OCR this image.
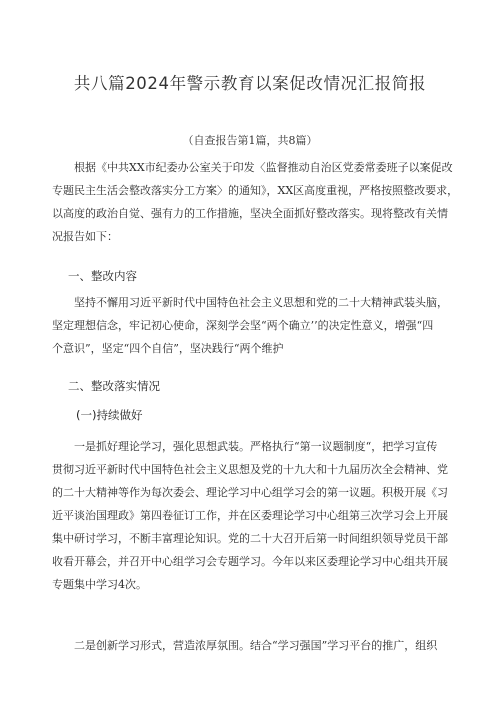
共八篇2024年警示教育以案促改情况汇报简报
（自查报告第1篇，共8篇）
根据《中共XX市纪委办公室关于印发〈监督推动自治区党委常委班子以案促改
专题民主生活会整改落实分工方案〉的通知》，XX区高度重视，严格按照整改要求，
以高度的政治自觉、强有力的工作措施，坚决全面抓好整改落实。现将整改有关情
况报告如下：
一、整改内容
坚持不懈用习近平新时代中国特色社会主义思想和党的二十大精神武装头脑，
坚定理想信念，牢记初心使命，深刻学会坚“两个确立’’的决定性意义，增强“四
个意识”，坚定“四个自信”，坚决践行“两个维护
二、整改落实情况
(一)持续做好
一是抓好理论学习，强化思想武装。严格执行“第一议题制度“，把学习宣传
贯彻习近平新时代中国特色社会主义思想及党的十九大和十九届历次全会精神、党
的二十大精神等作为每次委会、理论学习中心组学习会的第一议题。积极开展《习
近平谈治国理政》第四卷征订工作，并在区委理论学习中心组第三次学习会上开展
集中研讨学习，不断丰富理论知识。党的二十大召开后第一时间组织领导党员干部
收看开幕会，并召开中心组学习会专题学习。今年以来区委理论学习中心组共开展
专题集中学习4次。
二是创新学习形式，营造浓厚氛围。结合“学习强国”学习平台的推广，组织
